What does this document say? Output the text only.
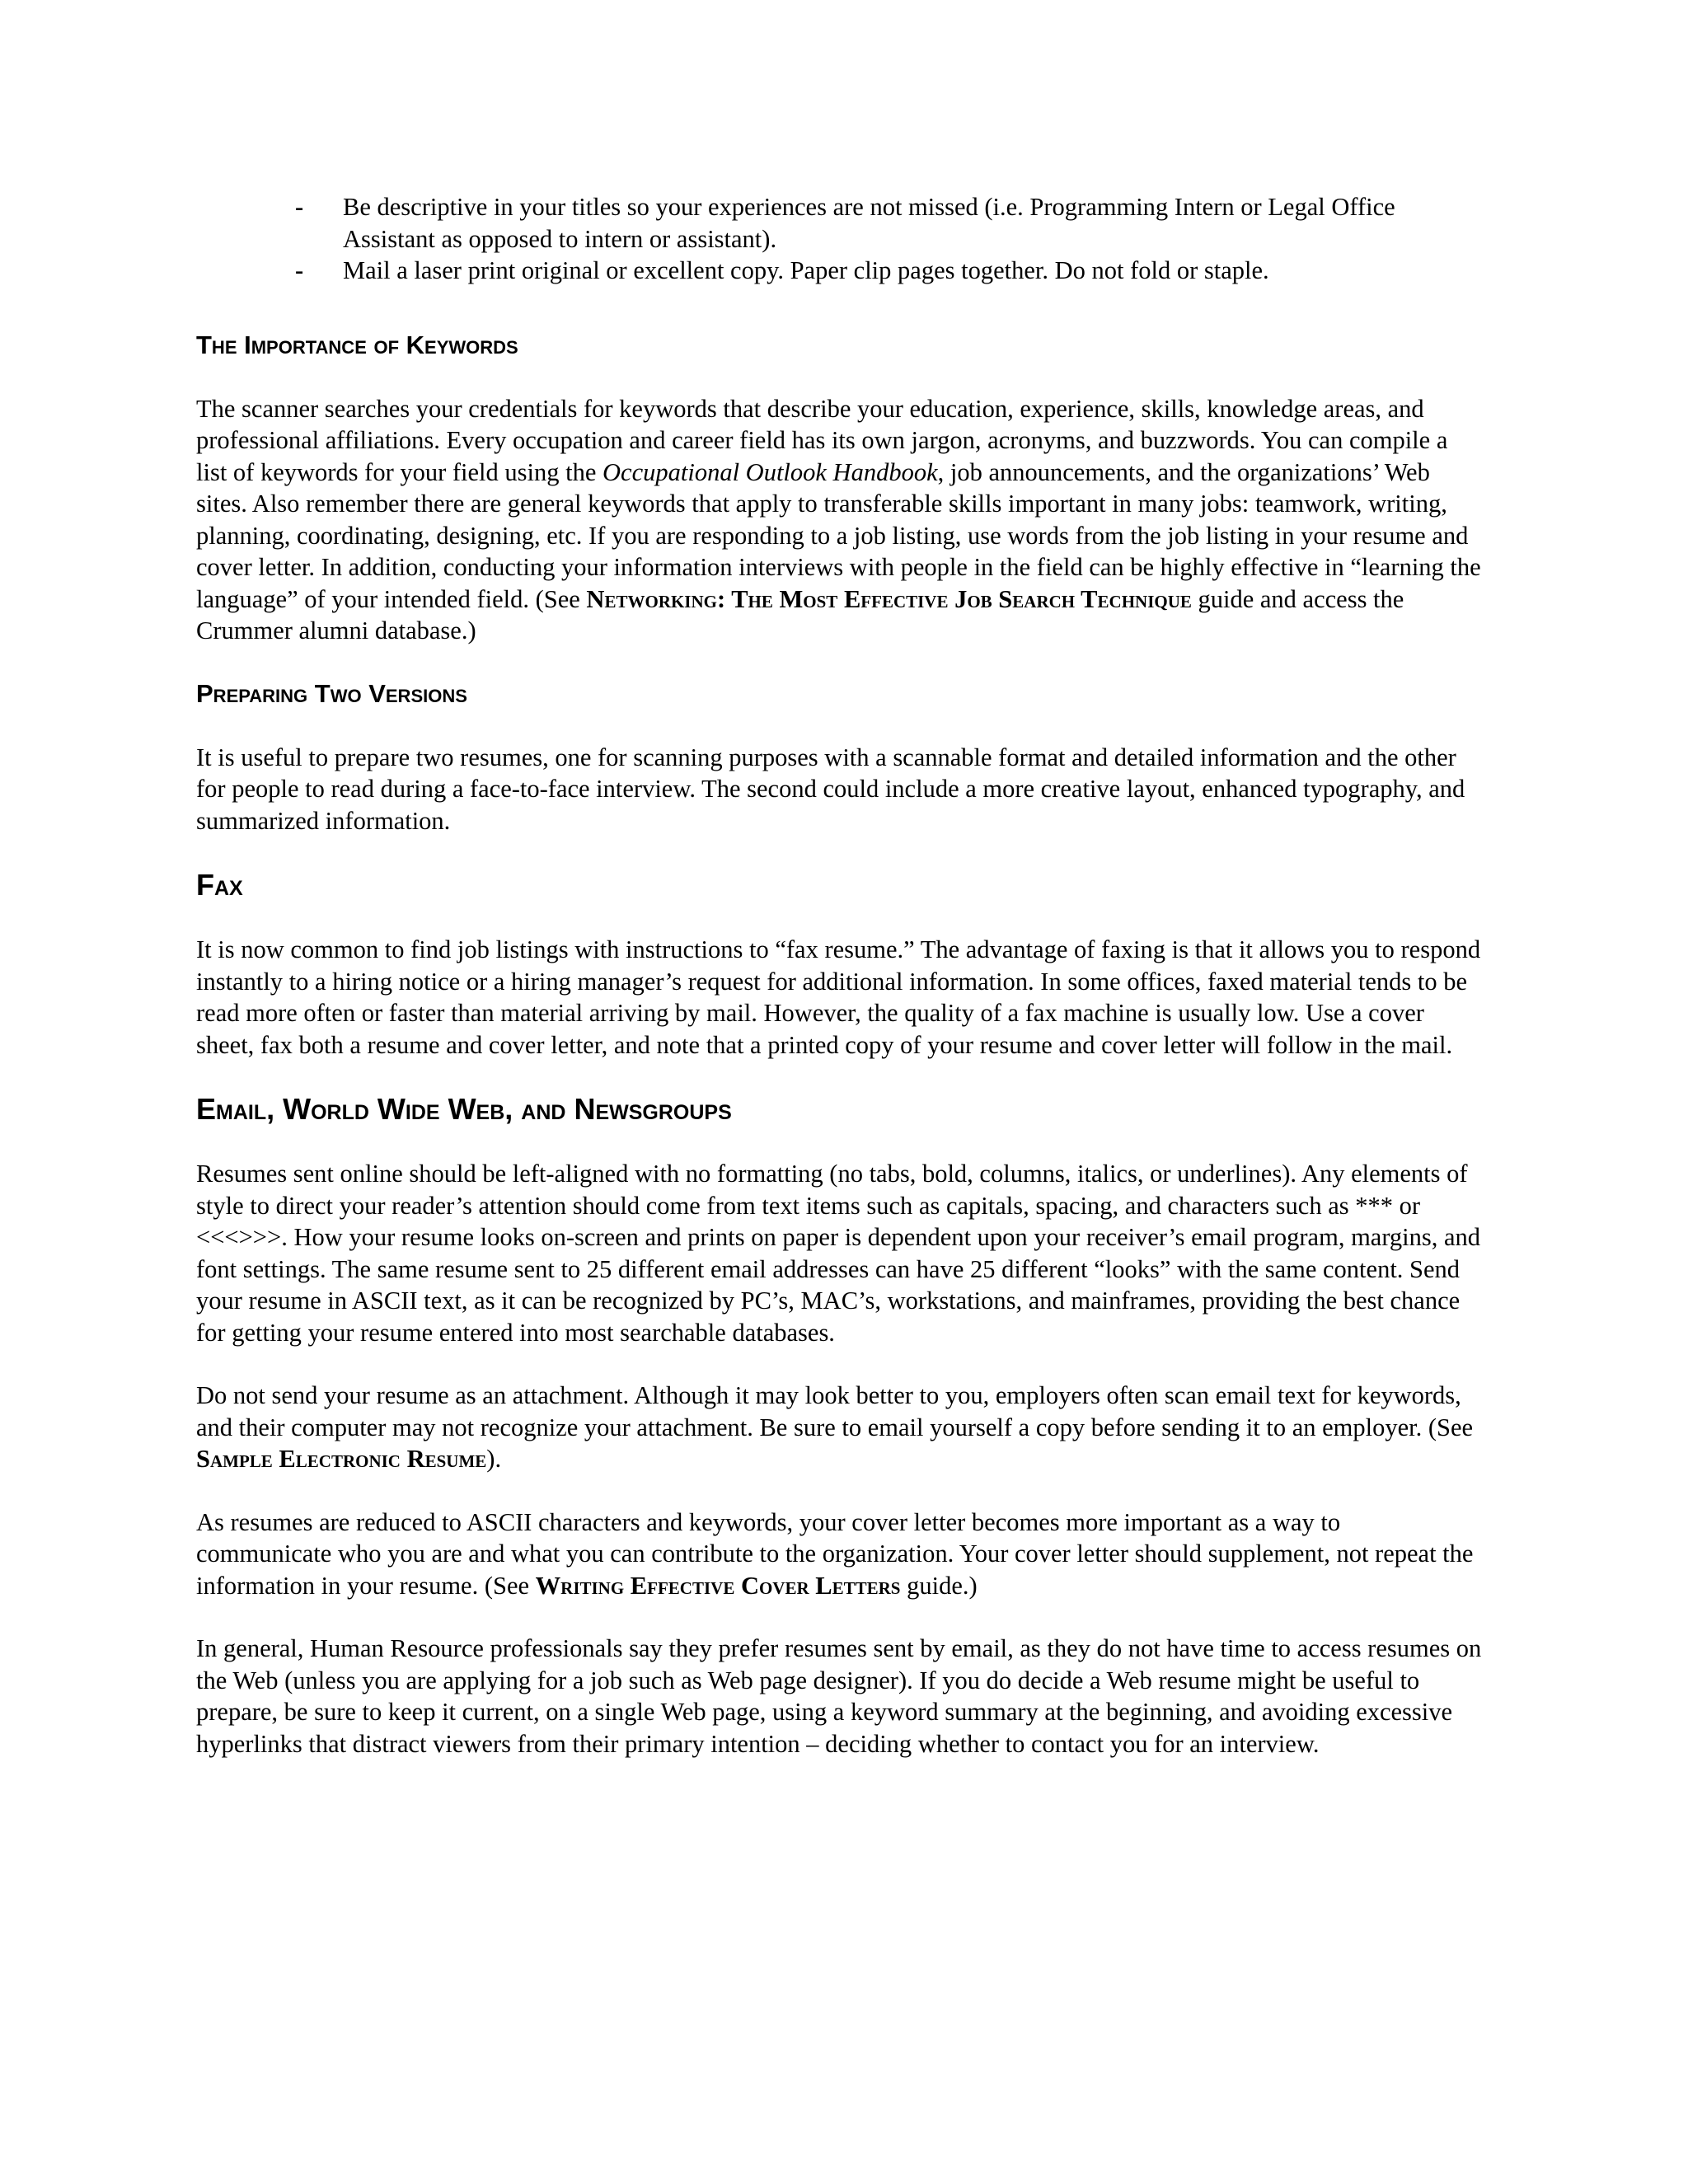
- Be descriptive in your titles so your experiences are not missed (i.e. Programming Intern or Legal Office Assistant as opposed to intern or assistant).
- Mail a laser print original or excellent copy. Paper clip pages together. Do not fold or staple.
The Importance of Keywords

The scanner searches your credentials for keywords that describe your education, experience, skills, knowledge areas, and professional affiliations. Every occupation and career field has its own jargon, acronyms, and buzzwords. You can compile a list of keywords for your field using the Occupational Outlook Handbook, job announcements, and the organizations’ Web sites. Also remember there are general keywords that apply to transferable skills important in many jobs: teamwork, writing, planning, coordinating, designing, etc. If you are responding to a job listing, use words from the job listing in your resume and cover letter. In addition, conducting your information interviews with people in the field can be highly effective in “learning the language” of your intended field. (See Networking: The Most Effective Job Search Technique guide and access the Crummer alumni database.)

Preparing Two Versions

It is useful to prepare two resumes, one for scanning purposes with a scannable format and detailed information and the other for people to read during a face-to-face interview. The second could include a more creative layout, enhanced typography, and summarized information.

Fax

It is now common to find job listings with instructions to “fax resume.” The advantage of faxing is that it allows you to respond instantly to a hiring notice or a hiring manager’s request for additional information. In some offices, faxed material tends to be read more often or faster than material arriving by mail. However, the quality of a fax machine is usually low. Use a cover sheet, fax both a resume and cover letter, and note that a printed copy of your resume and cover letter will follow in the mail.

Email, World Wide Web, and Newsgroups

Resumes sent online should be left-aligned with no formatting (no tabs, bold, columns, italics, or underlines). Any elements of style to direct your reader’s attention should come from text items such as capitals, spacing, and characters such as *** or <<<>>>. How your resume looks on-screen and prints on paper is dependent upon your receiver’s email program, margins, and font settings. The same resume sent to 25 different email addresses can have 25 different “looks” with the same content. Send your resume in ASCII text, as it can be recognized by PC’s, MAC’s, workstations, and mainframes, providing the best chance for getting your resume entered into most searchable databases.

Do not send your resume as an attachment. Although it may look better to you, employers often scan email text for keywords, and their computer may not recognize your attachment. Be sure to email yourself a copy before sending it to an employer. (See Sample Electronic Resume).

As resumes are reduced to ASCII characters and keywords, your cover letter becomes more important as a way to communicate who you are and what you can contribute to the organization. Your cover letter should supplement, not repeat the information in your resume. (See Writing Effective Cover Letters guide.)

In general, Human Resource professionals say they prefer resumes sent by email, as they do not have time to access resumes on the Web (unless you are applying for a job such as Web page designer). If you do decide a Web resume might be useful to prepare, be sure to keep it current, on a single Web page, using a keyword summary at the beginning, and avoiding excessive hyperlinks that distract viewers from their primary intention – deciding whether to contact you for an interview.
